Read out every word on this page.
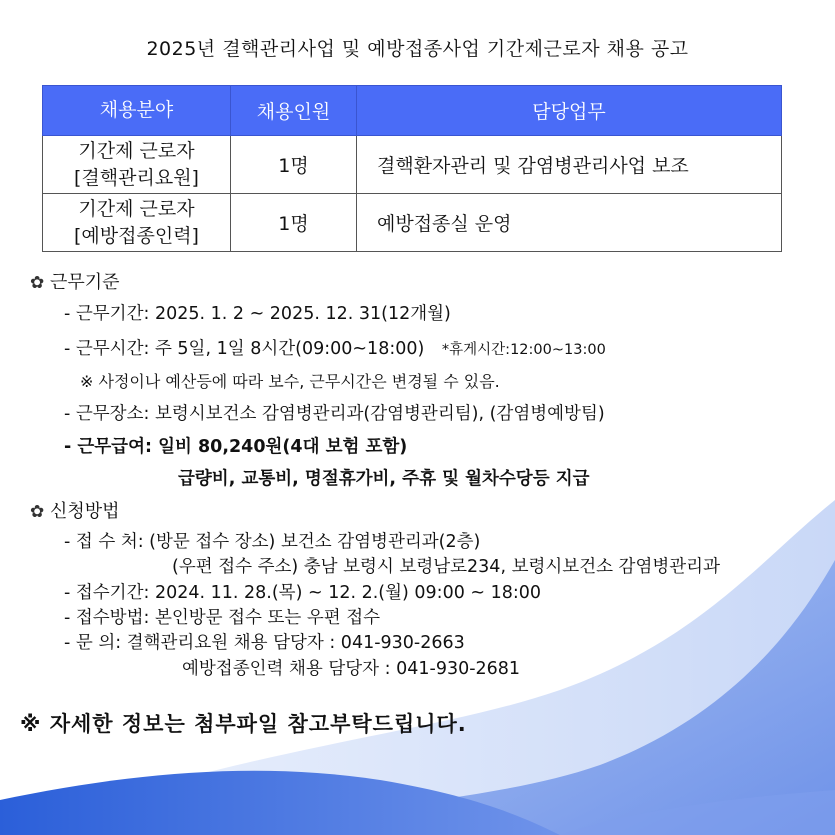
2025년 결핵관리사업 및 예방접종사업 기간제근로자 채용 공고
채용분야	채용인원	담당업무

기간제 근로자
[결핵관리요원]	1명	결핵환자관리 및 감염병관리사업 보조

기간제 근로자
[예방접종인력]	1명	예방접종실 운영
✿ 근무기준
- 근무기간: 2025. 1. 2 ~ 2025. 12. 31(12개월)
- 근무시간: 주 5일, 1일 8시간(09:00~18:00) *휴게시간:12:00~13:00
※ 사정이나 예산등에 따라 보수, 근무시간은 변경될 수 있음.
- 근무장소: 보령시보건소 감염병관리과(감염병관리팀), (감염병예방팀)
- 근무급여: 일비 80,240원(4대 보험 포함)
급량비, 교통비, 명절휴가비, 주휴 및 월차수당등 지급
✿ 신청방법
- 접 수 처: (방문 접수 장소) 보건소 감염병관리과(2층)
(우편 접수 주소) 충남 보령시 보령남로234, 보령시보건소 감염병관리과
- 접수기간: 2024. 11. 28.(목) ~ 12. 2.(월) 09:00 ~ 18:00
- 접수방법: 본인방문 접수 또는 우편 접수
- 문 의: 결핵관리요원 채용 담당자 : 041-930-2663
예방접종인력 채용 담당자 : 041-930-2681
※ 자세한 정보는 첨부파일 참고부탁드립니다.
